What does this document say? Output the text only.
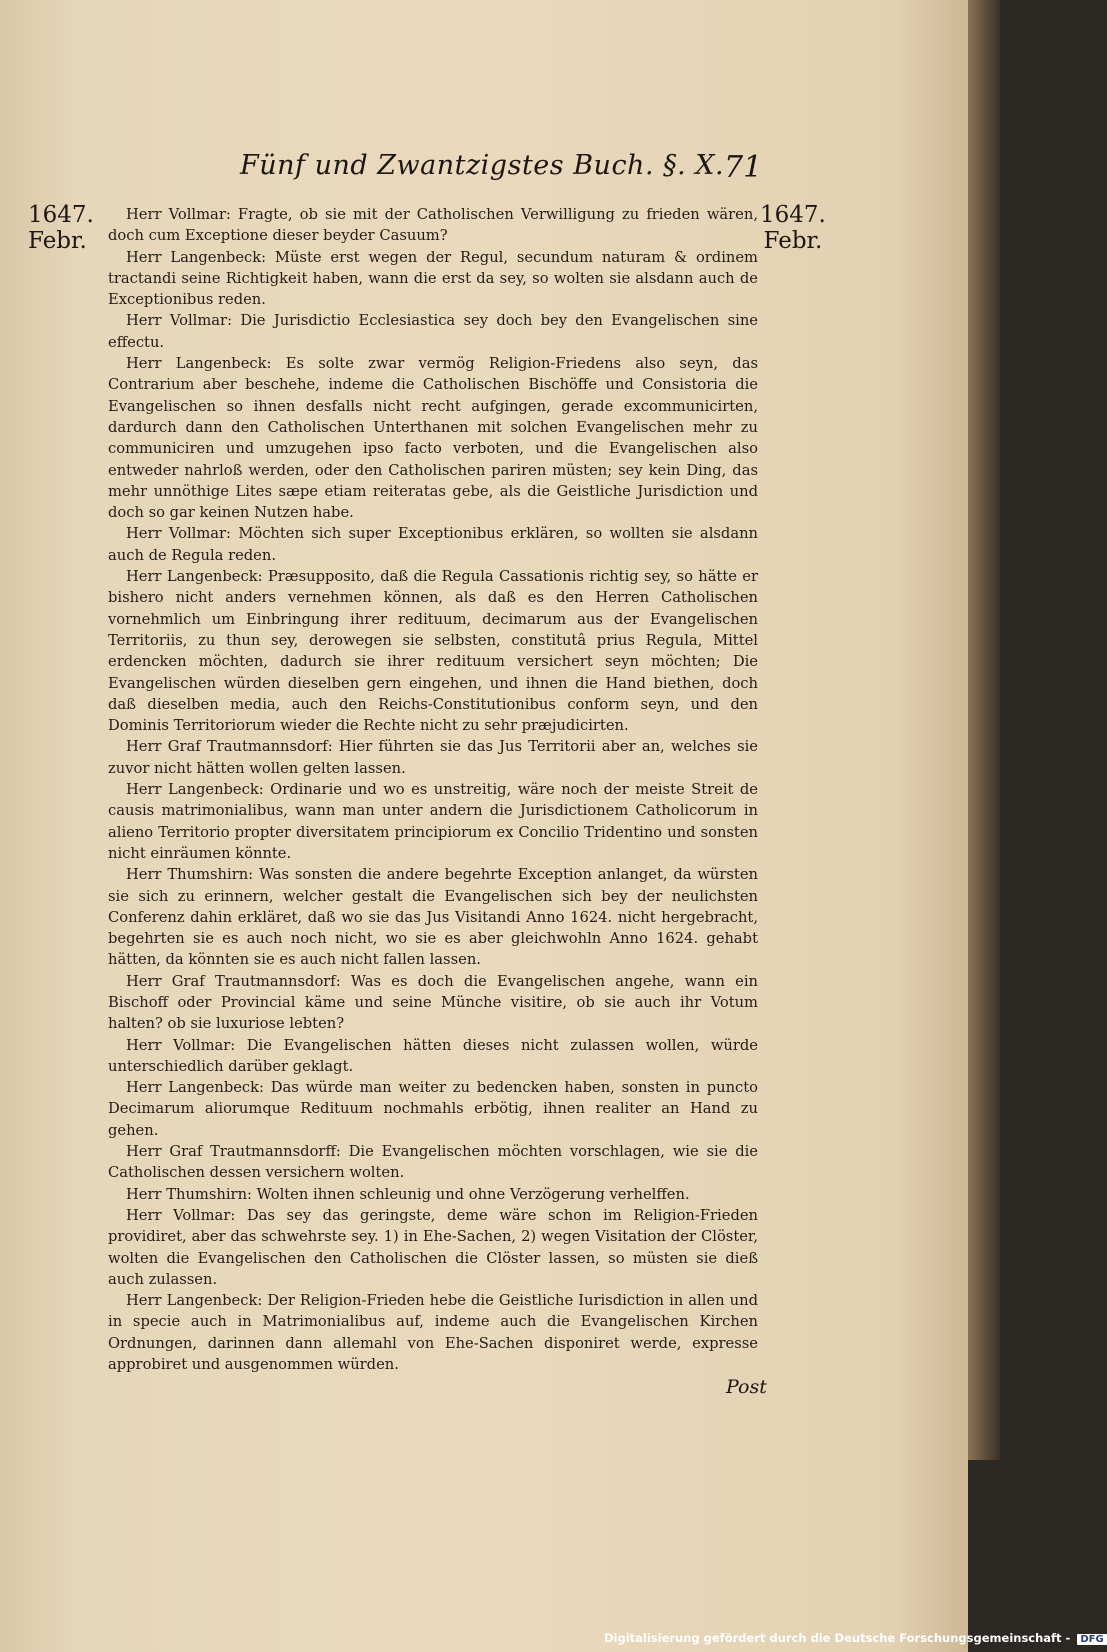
Fünf und Zwantzigstes Buch. §. X. 71
1647.
Febr.
1647.
Febr.

Herr Vollmar: Fragte, ob sie mit der Catholischen Verwilligung zu frieden wären, doch cum Exceptione dieser beyder Casuum?

Herr Langenbeck: Müste erst wegen der Regul, secundum naturam & ordinem tractandi seine Richtigkeit haben, wann die erst da sey, so wolten sie alsdann auch de Exceptionibus reden.

Herr Vollmar: Die Jurisdictio Ecclesiastica sey doch bey den Evangelischen sine effectu.

Herr Langenbeck: Es solte zwar vermög Religion-Friedens also seyn, das Contrarium aber beschehe, indeme die Catholischen Bischöffe und Consistoria die Evangelischen so ihnen desfalls nicht recht aufgingen, gerade excommunicirten, dardurch dann den Catholischen Unterthanen mit solchen Evangelischen mehr zu communiciren und umzugehen ipso facto verboten, und die Evangelischen also entweder nahrloß werden, oder den Catholischen pariren müsten; sey kein Ding, das mehr unnöthige Lites sæpe etiam reiteratas gebe, als die Geistliche Jurisdiction und doch so gar keinen Nutzen habe.

Herr Vollmar: Möchten sich super Exceptionibus erklären, so wollten sie alsdann auch de Regula reden.

Herr Langenbeck: Præsupposito, daß die Regula Cassationis richtig sey, so hätte er bishero nicht anders vernehmen können, als daß es den Herren Catholischen vornehmlich um Einbringung ihrer redituum, decimarum aus der Evangelischen Territoriis, zu thun sey, derowegen sie selbsten, constitutâ prius Regula, Mittel erdencken möchten, dadurch sie ihrer redituum versichert seyn möchten; Die Evangelischen würden dieselben gern eingehen, und ihnen die Hand biethen, doch daß dieselben media, auch den Reichs-Constitutionibus conform seyn, und den Dominis Territoriorum wieder die Rechte nicht zu sehr præjudicirten.

Herr Graf Trautmannsdorf: Hier führten sie das Jus Territorii aber an, welches sie zuvor nicht hätten wollen gelten lassen.

Herr Langenbeck: Ordinarie und wo es unstreitig, wäre noch der meiste Streit de causis matrimonialibus, wann man unter andern die Jurisdictionem Catholicorum in alieno Territorio propter diversitatem principiorum ex Concilio Tridentino und sonsten nicht einräumen könnte.

Herr Thumshirn: Was sonsten die andere begehrte Exception anlanget, da würsten sie sich zu erinnern, welcher gestalt die Evangelischen sich bey der neulichsten Conferenz dahin erkläret, daß wo sie das Jus Visitandi Anno 1624. nicht hergebracht, begehrten sie es auch noch nicht, wo sie es aber gleichwohln Anno 1624. gehabt hätten, da könnten sie es auch nicht fallen lassen.

Herr Graf Trautmannsdorf: Was es doch die Evangelischen angehe, wann ein Bischoff oder Provincial käme und seine Münche visitire, ob sie auch ihr Votum halten? ob sie luxuriose lebten?

Herr Vollmar: Die Evangelischen hätten dieses nicht zulassen wollen, würde unterschiedlich darüber geklagt.

Herr Langenbeck: Das würde man weiter zu bedencken haben, sonsten in puncto Decimarum aliorumque Redituum nochmahls erbötig, ihnen realiter an Hand zu gehen.

Herr Graf Trautmannsdorff: Die Evangelischen möchten vorschlagen, wie sie die Catholischen dessen versichern wolten.

Herr Thumshirn: Wolten ihnen schleunig und ohne Verzögerung verhelffen.

Herr Vollmar: Das sey das geringste, deme wäre schon im Religion-Frieden providiret, aber das schwehrste sey. 1) in Ehe-Sachen, 2) wegen Visitation der Clöster, wolten die Evangelischen den Catholischen die Clöster lassen, so müsten sie dieß auch zulassen.

Herr Langenbeck: Der Religion-Frieden hebe die Geistliche Iurisdiction in allen und in specie auch in Matrimonialibus auf, indeme auch die Evangelischen Kirchen Ordnungen, darinnen dann allemahl von Ehe-Sachen disponiret werde, expresse approbiret und ausgenommen würden.

Post
Digitalisierung gefördert durch die Deutsche Forschungsgemeinschaft - DFG
